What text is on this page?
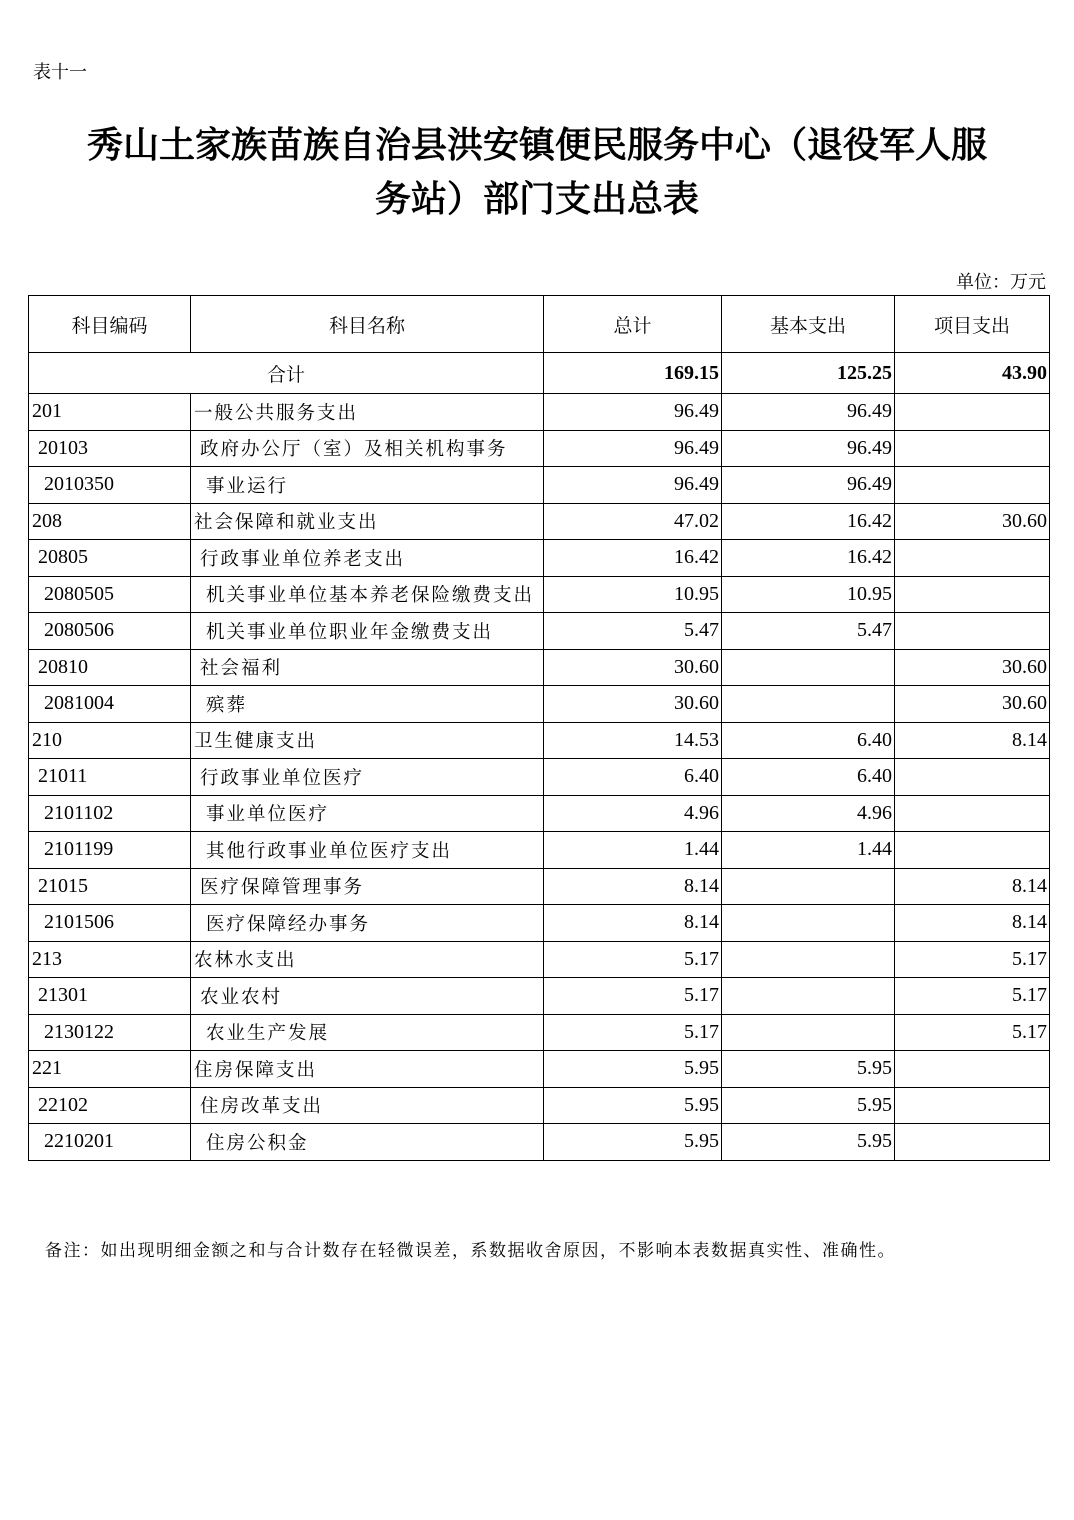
表十一
秀山土家族苗族自治县洪安镇便民服务中心（退役军人服
务站）部门支出总表
单位：万元
科目编码	科目名称	总计	基本支出	项目支出
合计		169.15	125.25	43.90
201	一般公共服务支出	96.49	96.49	
20103	政府办公厅（室）及相关机构事务	96.49	96.49	
2010350	事业运行	96.49	96.49	
208	社会保障和就业支出	47.02	16.42	30.60
20805	行政事业单位养老支出	16.42	16.42	
2080505	机关事业单位基本养老保险缴费支出	10.95	10.95	
2080506	机关事业单位职业年金缴费支出	5.47	5.47	
20810	社会福利	30.60		30.60
2081004	殡葬	30.60		30.60
210	卫生健康支出	14.53	6.40	8.14
21011	行政事业单位医疗	6.40	6.40	
2101102	事业单位医疗	4.96	4.96	
2101199	其他行政事业单位医疗支出	1.44	1.44	
21015	医疗保障管理事务	8.14		8.14
2101506	医疗保障经办事务	8.14		8.14
213	农林水支出	5.17		5.17
21301	农业农村	5.17		5.17
2130122	农业生产发展	5.17		5.17
221	住房保障支出	5.95	5.95	
22102	住房改革支出	5.95	5.95	
2210201	住房公积金	5.95	5.95	
备注：如出现明细金额之和与合计数存在轻微误差，系数据收舍原因，不影响本表数据真实性、准确性。
